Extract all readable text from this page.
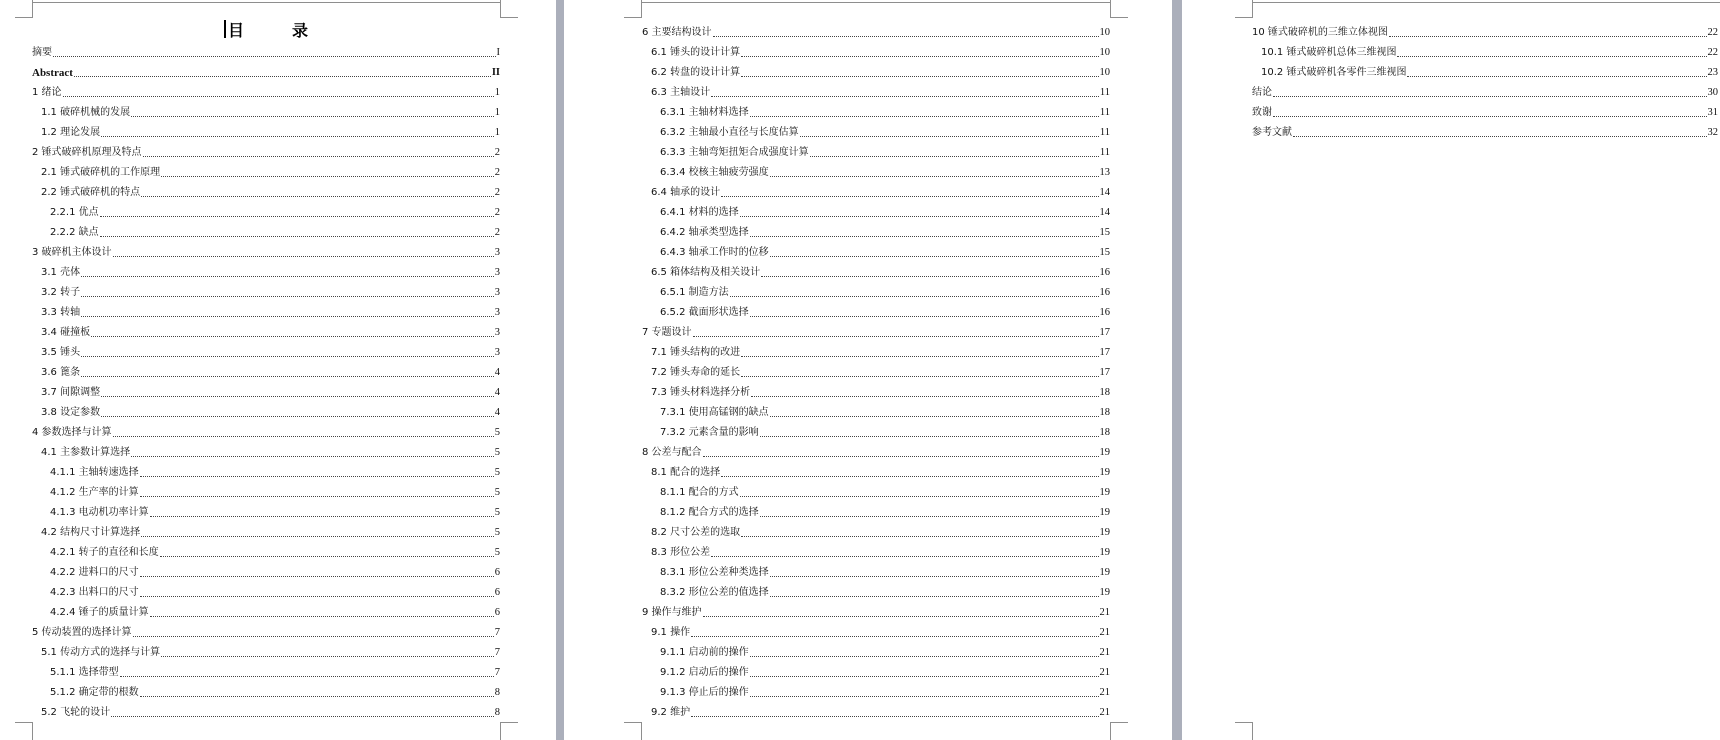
目录
摘要	I
Abstract	II
1 绪论	1
1.1 破碎机械的发展	1
1.2 理论发展	1
2 锤式破碎机原理及特点	2
2.1 锤式破碎机的工作原理	2
2.2 锤式破碎机的特点	2
2.2.1 优点	2
2.2.2 缺点	2
3 破碎机主体设计	3
3.1 壳体	3
3.2 转子	3
3.3 转轴	3
3.4 碰撞板	3
3.5 锤头	3
3.6 篦条	4
3.7 间隙调整	4
3.8 设定参数	4
4 参数选择与计算	5
4.1 主参数计算选择	5
4.1.1 主轴转速选择	5
4.1.2 生产率的计算	5
4.1.3 电动机功率计算	5
4.2 结构尺寸计算选择	5
4.2.1 转子的直径和长度	5
4.2.2 进料口的尺寸	6
4.2.3 出料口的尺寸	6
4.2.4 锤子的质量计算	6
5 传动装置的选择计算	7
5.1 传动方式的选择与计算	7
5.1.1 选择带型	7
5.1.2 确定带的根数	8
5.2 飞轮的设计	8
6 主要结构设计	10
6.1 锤头的设计计算	10
6.2 转盘的设计计算	10
6.3 主轴设计	11
6.3.1 主轴材料选择	11
6.3.2 主轴最小直径与长度估算	11
6.3.3 主轴弯矩扭矩合成强度计算	11
6.3.4 校核主轴疲劳强度	13
6.4 轴承的设计	14
6.4.1 材料的选择	14
6.4.2 轴承类型选择	15
6.4.3 轴承工作时的位移	15
6.5 箱体结构及相关设计	16
6.5.1 制造方法	16
6.5.2 截面形状选择	16
7 专题设计	17
7.1 锤头结构的改进	17
7.2 锤头寿命的延长	17
7.3 锤头材料选择分析	18
7.3.1 使用高锰钢的缺点	18
7.3.2 元素含量的影响	18
8 公差与配合	19
8.1 配合的选择	19
8.1.1 配合的方式	19
8.1.2 配合方式的选择	19
8.2 尺寸公差的选取	19
8.3 形位公差	19
8.3.1 形位公差种类选择	19
8.3.2 形位公差的值选择	19
9 操作与维护	21
9.1 操作	21
9.1.1 启动前的操作	21
9.1.2 启动后的操作	21
9.1.3 停止后的操作	21
9.2 维护	21
10 锤式破碎机的三维立体视图	22
10.1 锤式破碎机总体三维视图	22
10.2 锤式破碎机各零件三维视图	23
结论	30
致谢	31
参考文献	32
